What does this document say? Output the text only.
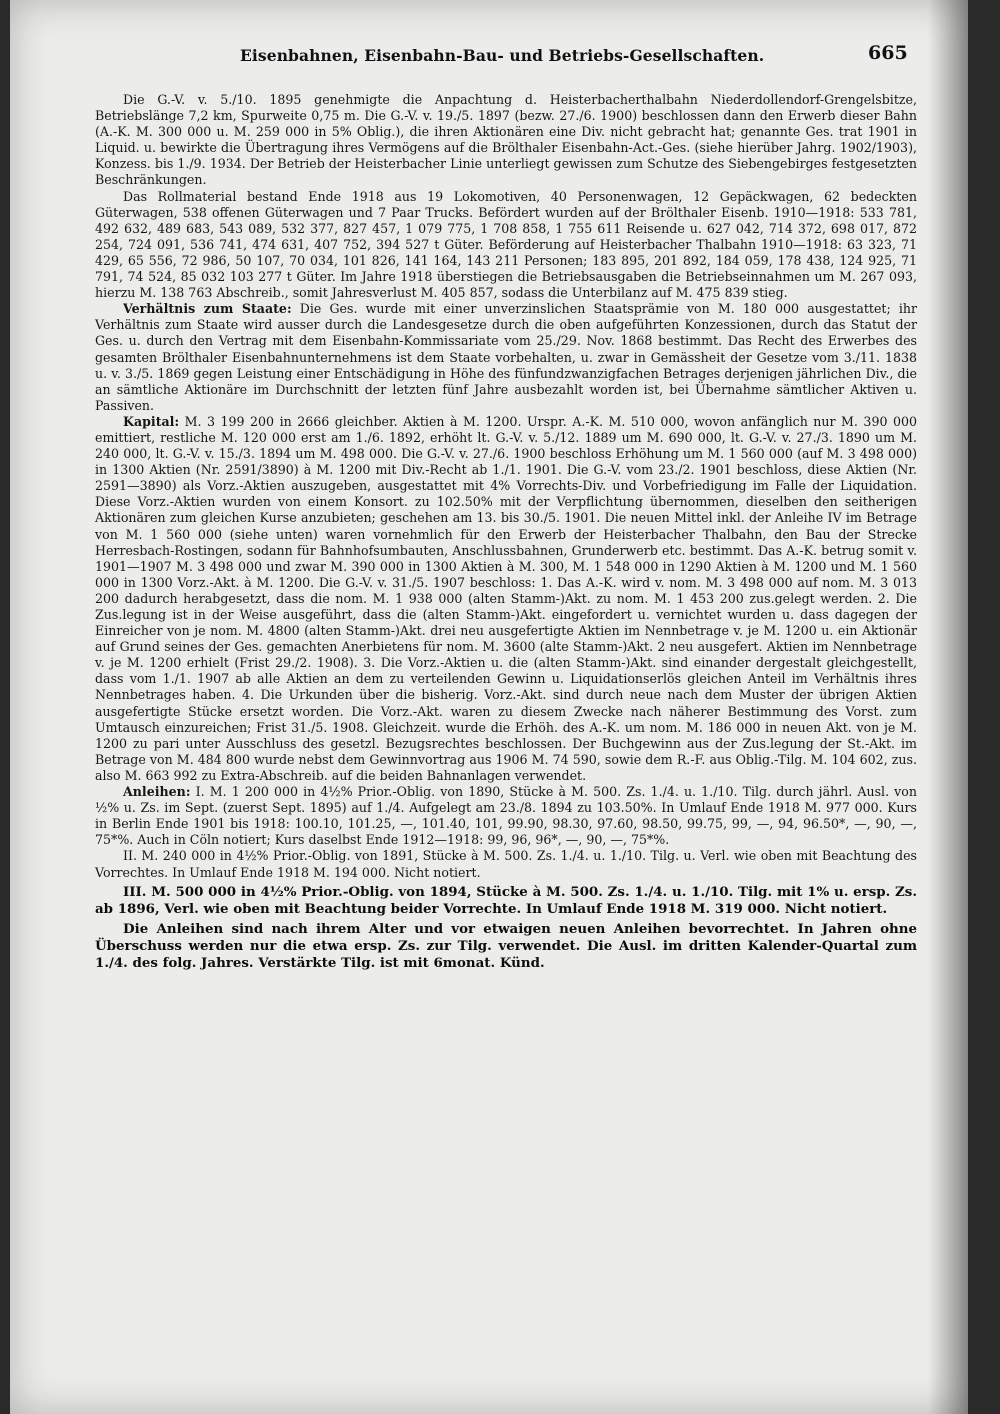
Eisenbahnen, Eisenbahn-Bau- und Betriebs-Gesellschaften.	665

Die G.-V. v. 5./10. 1895 genehmigte die Anpachtung d. Heisterbacherthalbahn Niederdollendorf-Grengelsbitze, Betriebslänge 7,2 km, Spurweite 0,75 m. Die G.-V. v. 19./5. 1897 (bezw. 27./6. 1900) beschlossen dann den Erwerb dieser Bahn (A.-K. M. 300 000 u. M. 259 000 in 5% Oblig.), die ihren Aktionären eine Div. nicht gebracht hat; genannte Ges. trat 1901 in Liquid. u. bewirkte die Übertragung ihres Vermögens auf die Brölthaler Eisenbahn-Act.-Ges. (siehe hierüber Jahrg. 1902/1903), Konzess. bis 1./9. 1934. Der Betrieb der Heisterbacher Linie unterliegt gewissen zum Schutze des Siebengebirges festgesetzten Beschränkungen.

Das Rollmaterial bestand Ende 1918 aus 19 Lokomotiven, 40 Personenwagen, 12 Gepäckwagen, 62 bedeckten Güterwagen, 538 offenen Güterwagen und 7 Paar Trucks. Befördert wurden auf der Brölthaler Eisenb. 1910—1918: 533 781, 492 632, 489 683, 543 089, 532 377, 827 457, 1 079 775, 1 708 858, 1 755 611 Reisende u. 627 042, 714 372, 698 017, 872 254, 724 091, 536 741, 474 631, 407 752, 394 527 t Güter. Beförderung auf Heisterbacher Thalbahn 1910—1918: 63 323, 71 429, 65 556, 72 986, 50 107, 70 034, 101 826, 141 164, 143 211 Personen; 183 895, 201 892, 184 059, 178 438, 124 925, 71 791, 74 524, 85 032 103 277 t Güter. Im Jahre 1918 überstiegen die Betriebsausgaben die Betriebseinnahmen um M. 267 093, hierzu M. 138 763 Abschreib., somit Jahresverlust M. 405 857, sodass die Unterbilanz auf M. 475 839 stieg.

Verhältnis zum Staate: Die Ges. wurde mit einer unverzinslichen Staatsprämie von M. 180 000 ausgestattet; ihr Verhältnis zum Staate wird ausser durch die Landesgesetze durch die oben aufgeführten Konzessionen, durch das Statut der Ges. u. durch den Vertrag mit dem Eisenbahn-Kommissariate vom 25./29. Nov. 1868 bestimmt. Das Recht des Erwerbes des gesamten Brölthaler Eisenbahnunternehmens ist dem Staate vorbehalten, u. zwar in Gemässheit der Gesetze vom 3./11. 1838 u. v. 3./5. 1869 gegen Leistung einer Entschädigung in Höhe des fünfundzwanzigfachen Betrages derjenigen jährlichen Div., die an sämtliche Aktionäre im Durchschnitt der letzten fünf Jahre ausbezahlt worden ist, bei Übernahme sämtlicher Aktiven u. Passiven.

Kapital: M. 3 199 200 in 2666 gleichber. Aktien à M. 1200. Urspr. A.-K. M. 510 000, wovon anfänglich nur M. 390 000 emittiert, restliche M. 120 000 erst am 1./6. 1892, erhöht lt. G.-V. v. 5./12. 1889 um M. 690 000, lt. G.-V. v. 27./3. 1890 um M. 240 000, lt. G.-V. v. 15./3. 1894 um M. 498 000. Die G.-V. v. 27./6. 1900 beschloss Erhöhung um M. 1 560 000 (auf M. 3 498 000) in 1300 Aktien (Nr. 2591/3890) à M. 1200 mit Div.-Recht ab 1./1. 1901. Die G.-V. vom 23./2. 1901 beschloss, diese Aktien (Nr. 2591—3890) als Vorz.-Aktien auszugeben, ausgestattet mit 4% Vorrechts-Div. und Vorbefriedigung im Falle der Liquidation. Diese Vorz.-Aktien wurden von einem Konsort. zu 102.50% mit der Verpflichtung übernommen, dieselben den seitherigen Aktionären zum gleichen Kurse anzubieten; geschehen am 13. bis 30./5. 1901. Die neuen Mittel inkl. der Anleihe IV im Betrage von M. 1 560 000 (siehe unten) waren vornehmlich für den Erwerb der Heisterbacher Thalbahn, den Bau der Strecke Herresbach-Rostingen, sodann für Bahnhofsumbauten, Anschlussbahnen, Grunderwerb etc. bestimmt. Das A.-K. betrug somit v. 1901—1907 M. 3 498 000 und zwar M. 390 000 in 1300 Aktien à M. 300, M. 1 548 000 in 1290 Aktien à M. 1200 und M. 1 560 000 in 1300 Vorz.-Akt. à M. 1200. Die G.-V. v. 31./5. 1907 beschloss: 1. Das A.-K. wird v. nom. M. 3 498 000 auf nom. M. 3 013 200 dadurch herabgesetzt, dass die nom. M. 1 938 000 (alten Stamm-)Akt. zu nom. M. 1 453 200 zus.gelegt werden. 2. Die Zus.legung ist in der Weise ausgeführt, dass die (alten Stamm-)Akt. eingefordert u. vernichtet wurden u. dass dagegen der Einreicher von je nom. M. 4800 (alten Stamm-)Akt. drei neu ausgefertigte Aktien im Nennbetrage v. je M. 1200 u. ein Aktionär auf Grund seines der Ges. gemachten Anerbietens für nom. M. 3600 (alte Stamm-)Akt. 2 neu ausgefert. Aktien im Nennbetrage v. je M. 1200 erhielt (Frist 29./2. 1908). 3. Die Vorz.-Aktien u. die (alten Stamm-)Akt. sind einander dergestalt gleichgestellt, dass vom 1./1. 1907 ab alle Aktien an dem zu verteilenden Gewinn u. Liquidationserlös gleichen Anteil im Verhältnis ihres Nennbetrages haben. 4. Die Urkunden über die bisherig. Vorz.-Akt. sind durch neue nach dem Muster der übrigen Aktien ausgefertigte Stücke ersetzt worden. Die Vorz.-Akt. waren zu diesem Zwecke nach näherer Bestimmung des Vorst. zum Umtausch einzureichen; Frist 31./5. 1908. Gleichzeit. wurde die Erhöh. des A.-K. um nom. M. 186 000 in neuen Akt. von je M. 1200 zu pari unter Ausschluss des gesetzl. Bezugsrechtes beschlossen. Der Buchgewinn aus der Zus.legung der St.-Akt. im Betrage von M. 484 800 wurde nebst dem Gewinnvortrag aus 1906 M. 74 590, sowie dem R.-F. aus Oblig.-Tilg. M. 104 602, zus. also M. 663 992 zu Extra-Abschreib. auf die beiden Bahnanlagen verwendet.

Anleihen: I. M. 1 200 000 in 4½% Prior.-Oblig. von 1890, Stücke à M. 500. Zs. 1./4. u. 1./10. Tilg. durch jährl. Ausl. von ½% u. Zs. im Sept. (zuerst Sept. 1895) auf 1./4. Aufgelegt am 23./8. 1894 zu 103.50%. In Umlauf Ende 1918 M. 977 000. Kurs in Berlin Ende 1901 bis 1918: 100.10, 101.25, —, 101.40, 101, 99.90, 98.30, 97.60, 98.50, 99.75, 99, —, 94, 96.50*, —, 90, —, 75*%. Auch in Cöln notiert; Kurs daselbst Ende 1912—1918: 99, 96, 96*, —, 90, —, 75*%.

II. M. 240 000 in 4½% Prior.-Oblig. von 1891, Stücke à M. 500. Zs. 1./4. u. 1./10. Tilg. u. Verl. wie oben mit Beachtung des Vorrechtes. In Umlauf Ende 1918 M. 194 000. Nicht notiert.

III. M. 500 000 in 4½% Prior.-Oblig. von 1894, Stücke à M. 500. Zs. 1./4. u. 1./10. Tilg. mit 1% u. ersp. Zs. ab 1896, Verl. wie oben mit Beachtung beider Vorrechte. In Umlauf Ende 1918 M. 319 000. Nicht notiert.

Die Anleihen sind nach ihrem Alter und vor etwaigen neuen Anleihen bevorrechtet. In Jahren ohne Überschuss werden nur die etwa ersp. Zs. zur Tilg. verwendet. Die Ausl. im dritten Kalender-Quartal zum 1./4. des folg. Jahres. Verstärkte Tilg. ist mit 6monat. Künd.
